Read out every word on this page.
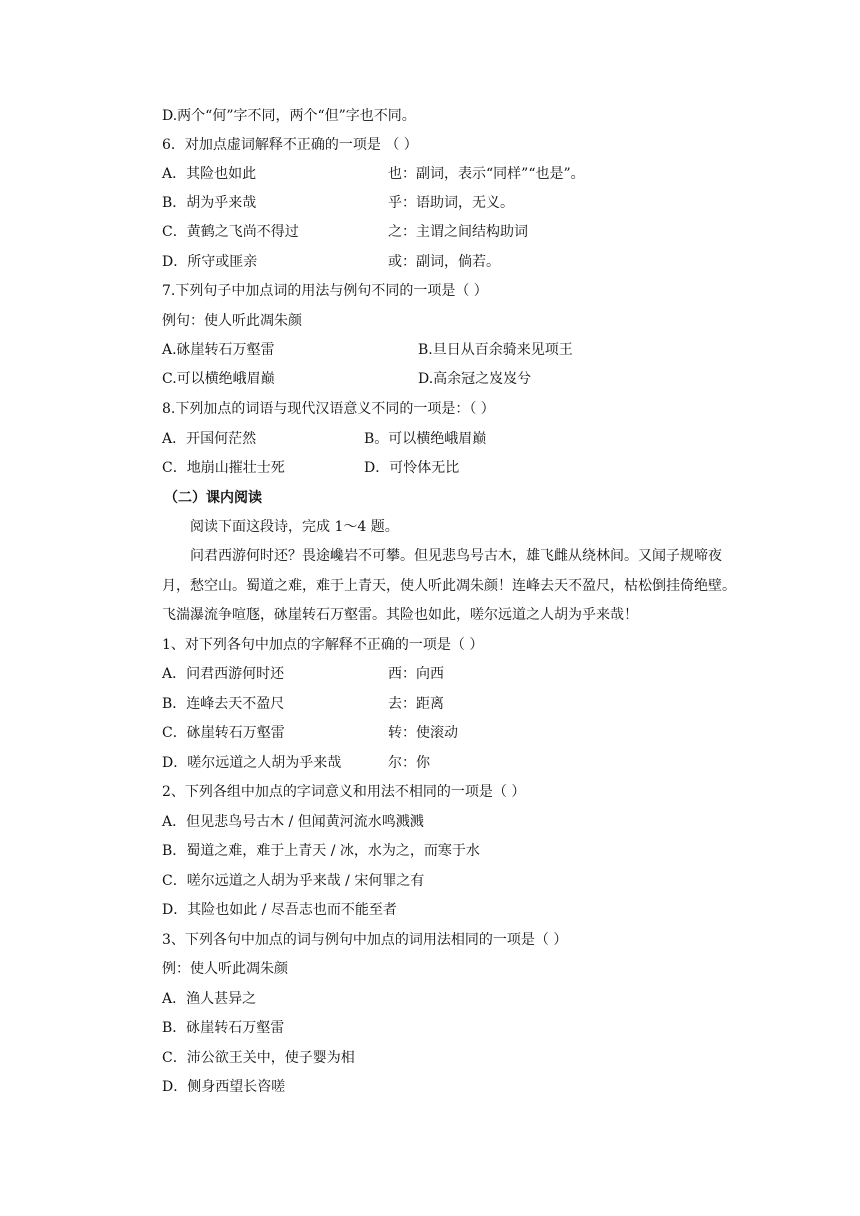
D.两个“何”字不同，两个“但”字也不同。
6．对加点虚词解释不正确的一项是 （ ）
A．其险也如此	也：副词，表示“同样”“也是”。
B．胡为乎来哉	乎：语助词，无义。
C．黄鹤之飞尚不得过	之：主谓之间结构助词
D．所守或匪亲	或：副词，倘若。
7.下列句子中加点词的用法与例句不同的一项是（ ）
例句：使人听此凋朱颜
A.砯崖转石万壑雷	B.旦日从百余骑来见项王
C.可以横绝峨眉巅	D.高余冠之岌岌兮
8.下列加点的词语与现代汉语意义不同的一项是：（ ）
A．开国何茫然	B。可以横绝峨眉巅
C．地崩山摧壮士死	D．可怜体无比
（二）课内阅读
阅读下面这段诗，完成 1～4 题。
问君西游何时还？畏途巉岩不可攀。但见悲鸟号古木，雄飞雌从绕林间。又闻子规啼夜
月，愁空山。蜀道之难，难于上青天，使人听此凋朱颜！连峰去天不盈尺，枯松倒挂倚绝壁。
飞湍瀑流争喧豗，砯崖转石万壑雷。其险也如此，嗟尔远道之人胡为乎来哉！
1、对下列各句中加点的字解释不正确的一项是（ ）
A．问君西游何时还	西：向西
B．连峰去天不盈尺	去：距离
C．砯崖转石万壑雷	转：使滚动
D．嗟尔远道之人胡为乎来哉	尔：你
2、下列各组中加点的字词意义和用法不相同的一项是（ ）
A．但见悲鸟号古木 / 但闻黄河流水鸣溅溅
B．蜀道之难，难于上青天 / 冰，水为之，而寒于水
C．嗟尔远道之人胡为乎来哉 / 宋何罪之有
D．其险也如此 / 尽吾志也而不能至者
3、下列各句中加点的词与例句中加点的词用法相同的一项是（ ）
例：使人听此凋朱颜
A．渔人甚异之
B．砯崖转石万壑雷
C．沛公欲王关中，使子婴为相
D．侧身西望长咨嗟
